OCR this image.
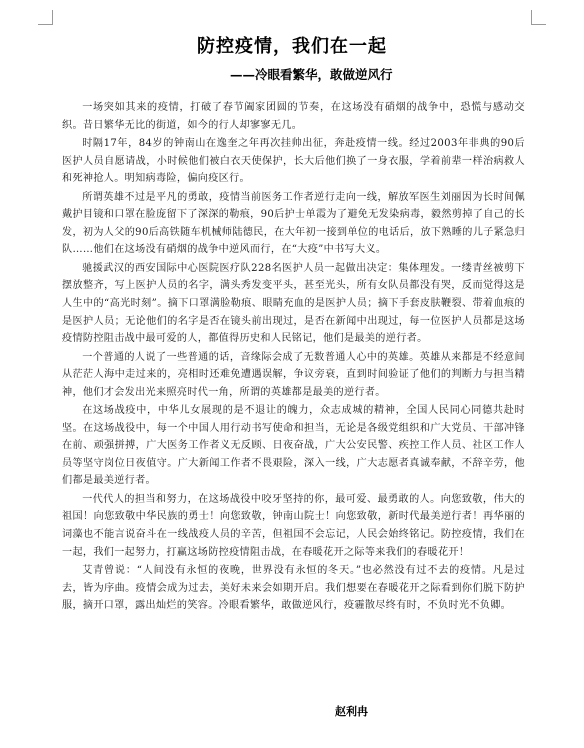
防控疫情，我们在一起
——冷眼看繁华，敢做逆风行

一场突如其来的疫情，打破了春节阖家团圆的节奏，在这场没有硝烟的战争中，恐慌与感动交织。昔日繁华无比的街道，如今的行人却寥寥无几。

时隔17年，84岁的钟南山在逸奎之年再次挂帅出征，奔赴疫情一线。经过2003年非典的90后医护人员自愿请战，小时候他们被白衣天使保护，长大后他们换了一身衣服，学着前辈一样治病救人和死神抢人。明知病毒险，偏向疫区行。

所谓英雄不过是平凡的勇敢，疫情当前医务工作者逆行走向一线，解放军医生刘丽因为长时间佩戴护目镜和口罩在脸庞留下了深深的勒痕，90后护士单霞为了避免无发染病毒，毅然剪掉了自己的长发，初为人父的90后高铁随车机械师陆德民，在大年初一接到单位的电话后，放下熟睡的儿子紧急归队……他们在这场没有硝烟的战争中逆风而行，在“大疫”中书写大义。

驰援武汉的西安国际中心医院医疗队228名医护人员一起做出决定：集体理发。一缕青丝被剪下摆放整齐，写上医护人员的名字，满头秀发变平头，甚至光头，所有女队员都没有哭，反而觉得这是人生中的“高光时刻”。摘下口罩满脸勒痕、眼睛充血的是医护人员；摘下手套皮肤鞭裂、带着血痕的是医护人员；无论他们的名字是否在镜头前出现过，是否在新闻中出现过，每一位医护人员都是这场疫情防控阻击战中最可爱的人，都值得历史和人民铭记，他们是最美的逆行者。

一个普通的人说了一些普通的话，音缘际会成了无数普通人心中的英雄。英雄从来都是不经意间从茫茫人海中走过来的，亮相时还难免遭遇误解，争议旁衰，直到时间验证了他们的判断力与担当精神，他们才会发出光来照亮时代一角，所谓的英雄都是最美的逆行者。

在这场战疫中，中华儿女展现的是不退让的魄力，众志成城的精神，全国人民同心同德共赴时坚。在这场战役中，每一个中国人用行动书写使命和担当，无论是各级党组织和广大党员、干部冲锋在前、顽强拼搏，广大医务工作者义无反顾、日夜奋战，广大公安民警、疾控工作人员、社区工作人员等坚守岗位日夜值守。广大新闻工作者不畏艰险，深入一线，广大志愿者真诚奉献，不辞辛劳，他们都是最美逆行者。

一代代人的担当和努力，在这场战役中咬牙坚持的你，最可爱、最勇敢的人。向您致敬，伟大的祖国！向您致敬中华民族的勇士！向您致敬，钟南山院士！向您致敬，新时代最美逆行者！再华丽的词藻也不能言说奋斗在一线战疫人员的辛苦，但祖国不会忘记，人民会始终铭记。防控疫情，我们在一起，我们一起努力，打赢这场防控疫情阻击战，在春暖花开之际等来我们的春暖花开！

艾青曾说：“人间没有永恒的夜晚，世界没有永恒的冬天。”也必然没有过不去的疫情。凡是过去，皆为序曲。疫情会成为过去，美好未来会如期开启。我们想要在春暖花开之际看到你们脱下防护服，摘开口罩，露出灿烂的笑容。冷眼看繁华，敢做逆风行，疫霾散尽终有时，不负时光不负卿。

赵利冉
